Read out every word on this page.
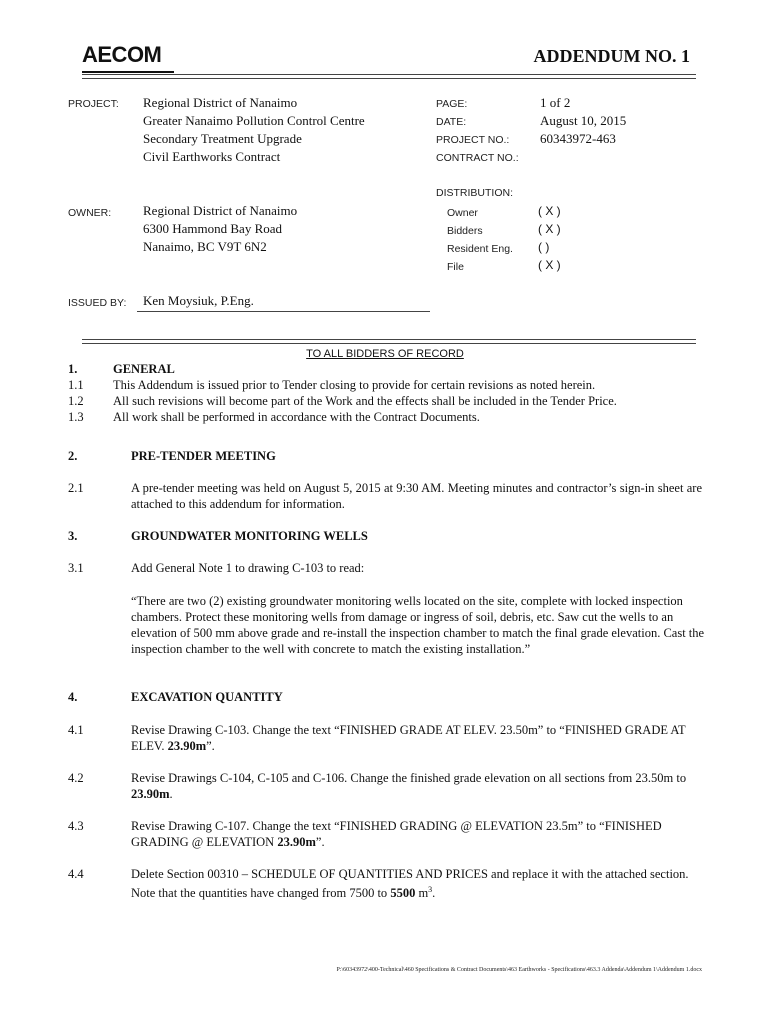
AECOM	ADDENDUM NO. 1
PROJECT: Regional District of Nanaimo
Greater Nanaimo Pollution Control Centre
Secondary Treatment Upgrade
Civil Earthworks Contract
PAGE:	1 of 2
DATE:	August 10, 2015
PROJECT NO.: 60343972-463
CONTRACT NO.:
DISTRIBUTION:
Owner	( X )
Bidders	( X )
Resident Eng. ( )
File	( X )
OWNER: Regional District of Nanaimo
6300 Hammond Bay Road
Nanaimo, BC V9T 6N2
ISSUED BY: Ken Moysiuk, P.Eng.
TO ALL BIDDERS OF RECORD
1.	GENERAL
1.1 This Addendum is issued prior to Tender closing to provide for certain revisions as noted herein.
1.2 All such revisions will become part of the Work and the effects shall be included in the Tender Price.
1.3 All work shall be performed in accordance with the Contract Documents.
2.	PRE-TENDER MEETING
2.1	A pre-tender meeting was held on August 5, 2015 at 9:30 AM. Meeting minutes and contractor’s sign-in sheet are attached to this addendum for information.
3.	GROUNDWATER MONITORING WELLS
3.1	Add General Note 1 to drawing C-103 to read:
“There are two (2) existing groundwater monitoring wells located on the site, complete with locked inspection chambers. Protect these monitoring wells from damage or ingress of soil, debris, etc. Saw cut the wells to an elevation of 500 mm above grade and re-install the inspection chamber to match the final grade elevation. Cast the inspection chamber to the well with concrete to match the existing installation.”
4.	EXCAVATION QUANTITY
4.1	Revise Drawing C-103. Change the text “FINISHED GRADE AT ELEV. 23.50m” to “FINISHED GRADE AT ELEV. 23.90m”.
4.2	Revise Drawings C-104, C-105 and C-106. Change the finished grade elevation on all sections from 23.50m to 23.90m.
4.3	Revise Drawing C-107. Change the text “FINISHED GRADING @ ELEVATION 23.5m” to “FINISHED GRADING @ ELEVATION 23.90m”.
4.4	Delete Section 00310 – SCHEDULE OF QUANTITIES AND PRICES and replace it with the attached section. Note that the quantities have changed from 7500 to 5500 $m^3$.
P:\60343972\400-Technical\460 Specifications & Contract Documents\463 Earthworks - Specifications\463.3 Addenda\Addendum 1\Addendum 1.docx
